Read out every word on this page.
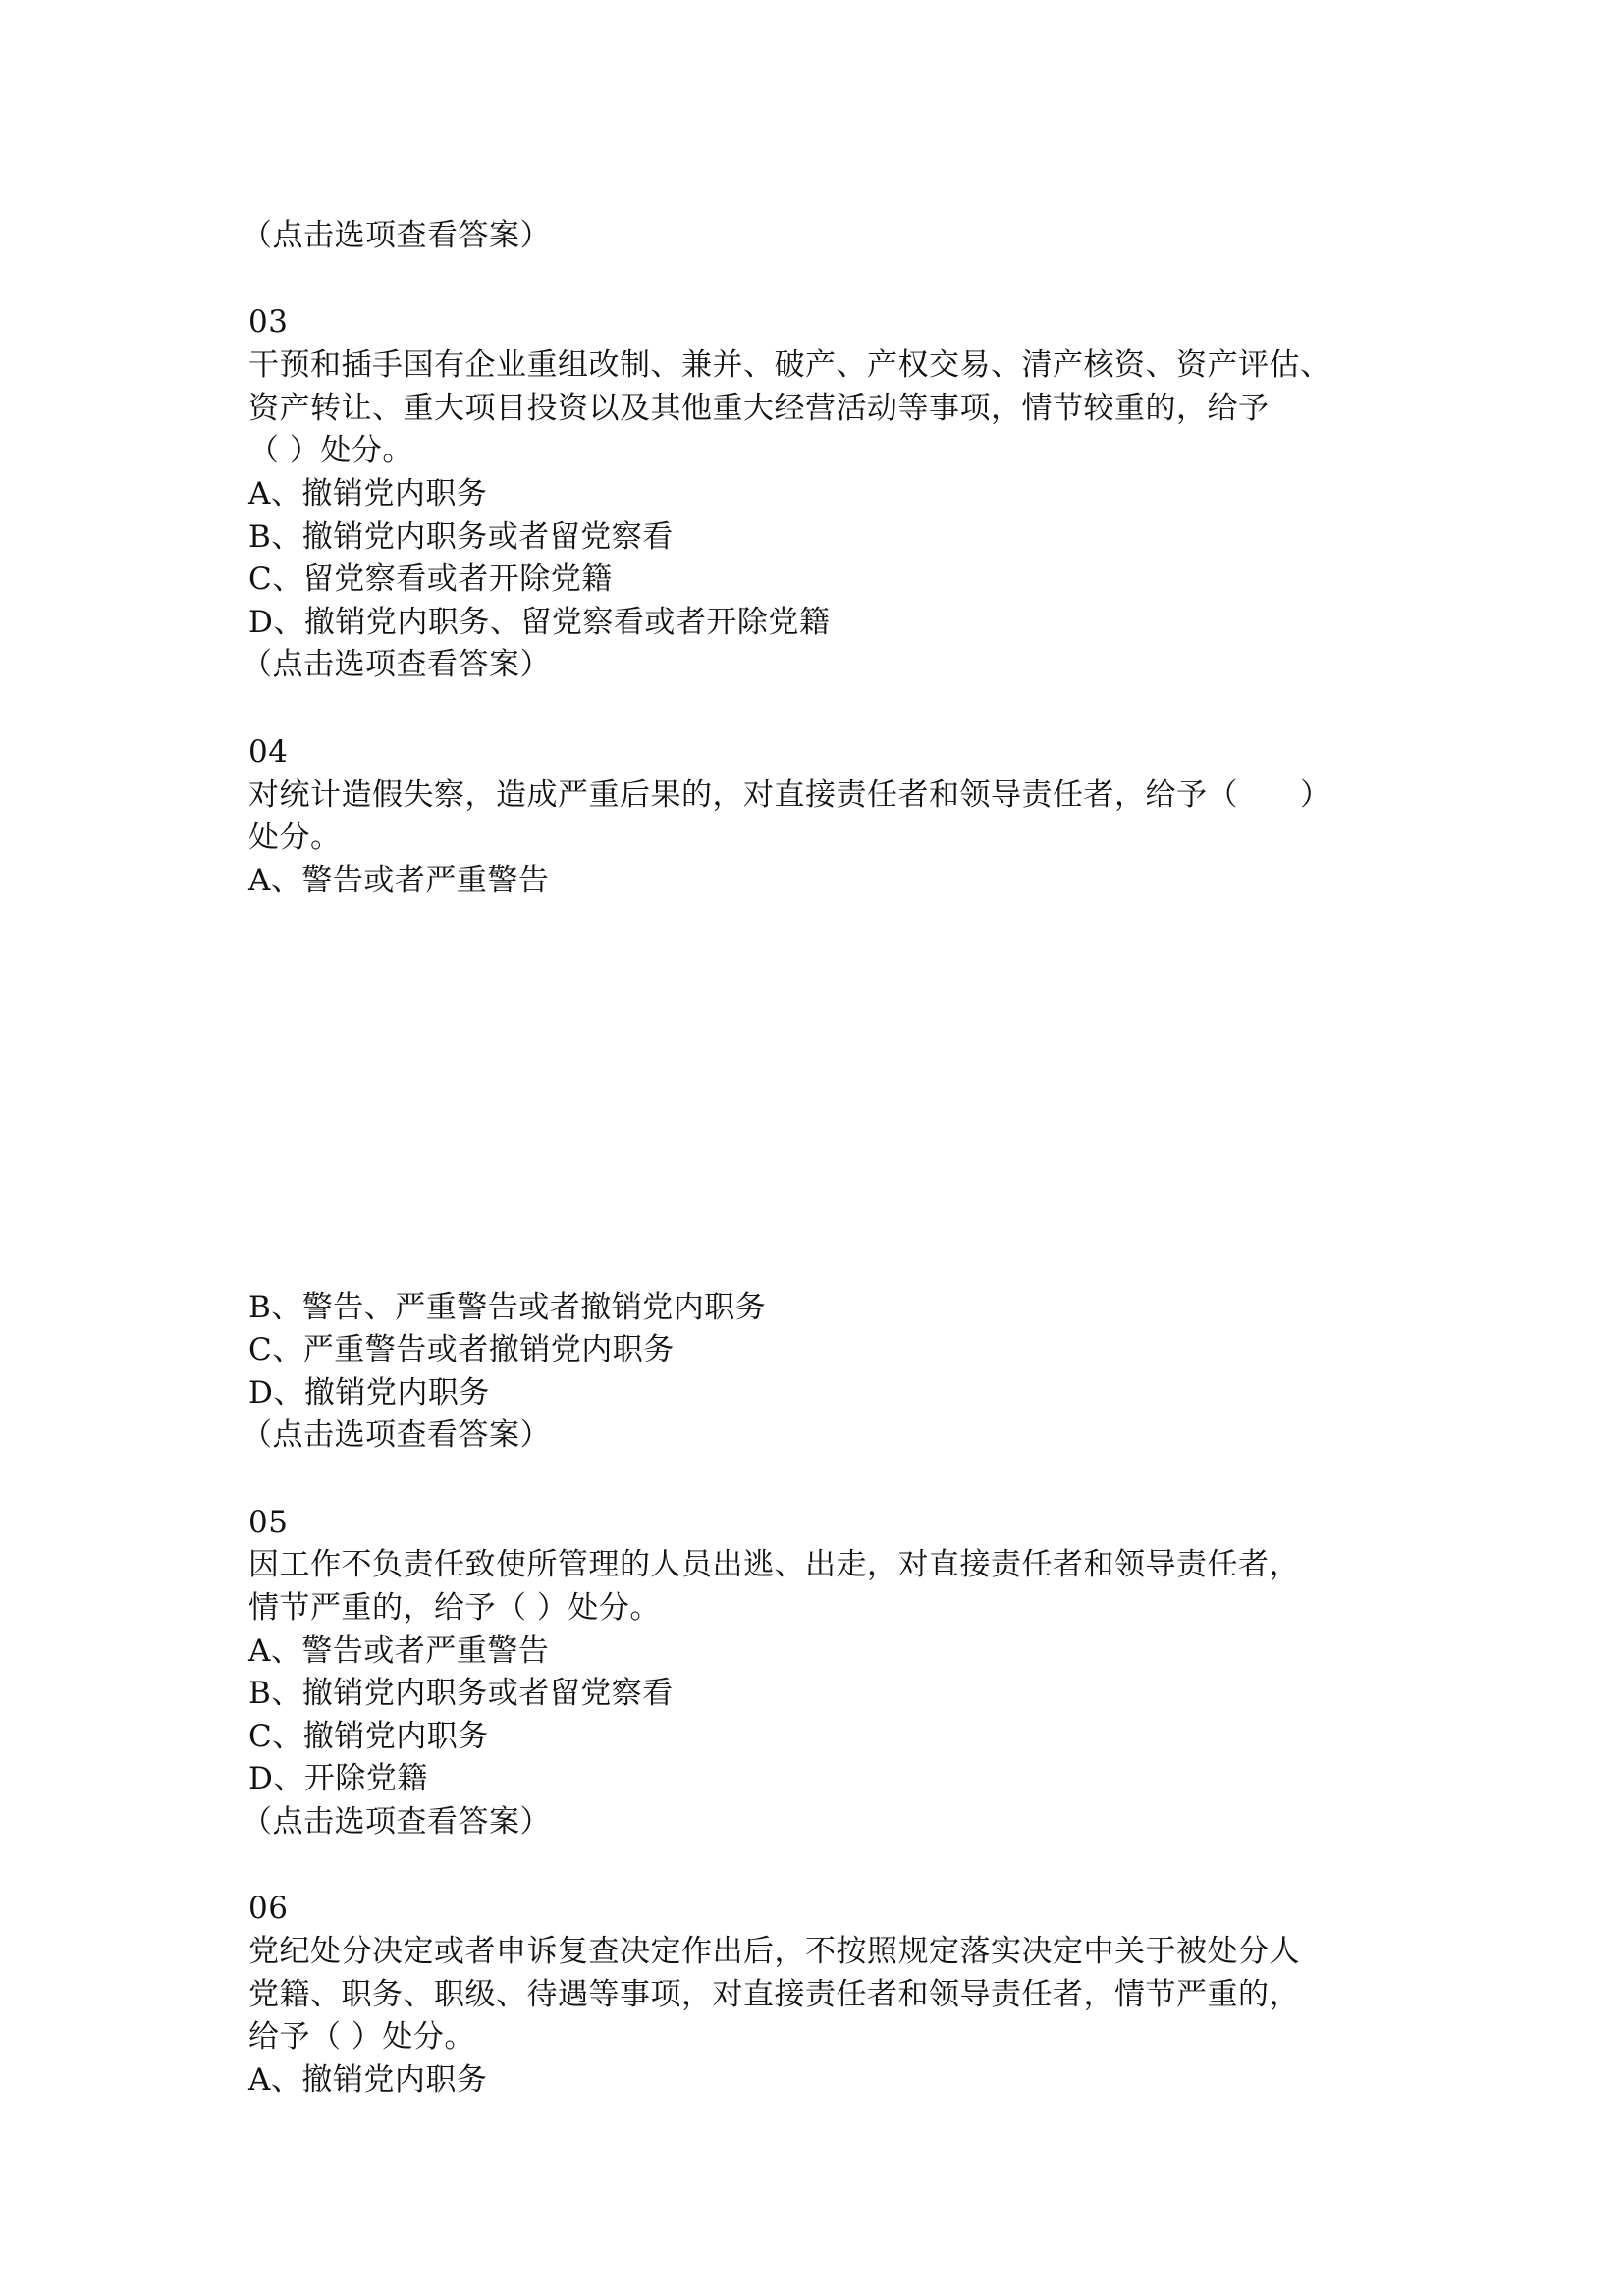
（点击选项查看答案）
03
干预和插手国有企业重组改制、兼并、破产、产权交易、清产核资、资产评估、
资产转让、重大项目投资以及其他重大经营活动等事项，情节较重的，给予
（ ）处分。
A、撤销党内职务
B、撤销党内职务或者留党察看
C、留党察看或者开除党籍
D、撤销党内职务、留党察看或者开除党籍
（点击选项查看答案）
04
对统计造假失察，造成严重后果的，对直接责任者和领导责任者，给予（　　）
处分。
A、警告或者严重警告
B、警告、严重警告或者撤销党内职务
C、严重警告或者撤销党内职务
D、撤销党内职务
（点击选项查看答案）
05
因工作不负责任致使所管理的人员出逃、出走，对直接责任者和领导责任者，
情节严重的，给予（ ）处分。
A、警告或者严重警告
B、撤销党内职务或者留党察看
C、撤销党内职务
D、开除党籍
（点击选项查看答案）
06
党纪处分决定或者申诉复查决定作出后，不按照规定落实决定中关于被处分人
党籍、职务、职级、待遇等事项，对直接责任者和领导责任者，情节严重的，
给予（ ）处分。
A、撤销党内职务
